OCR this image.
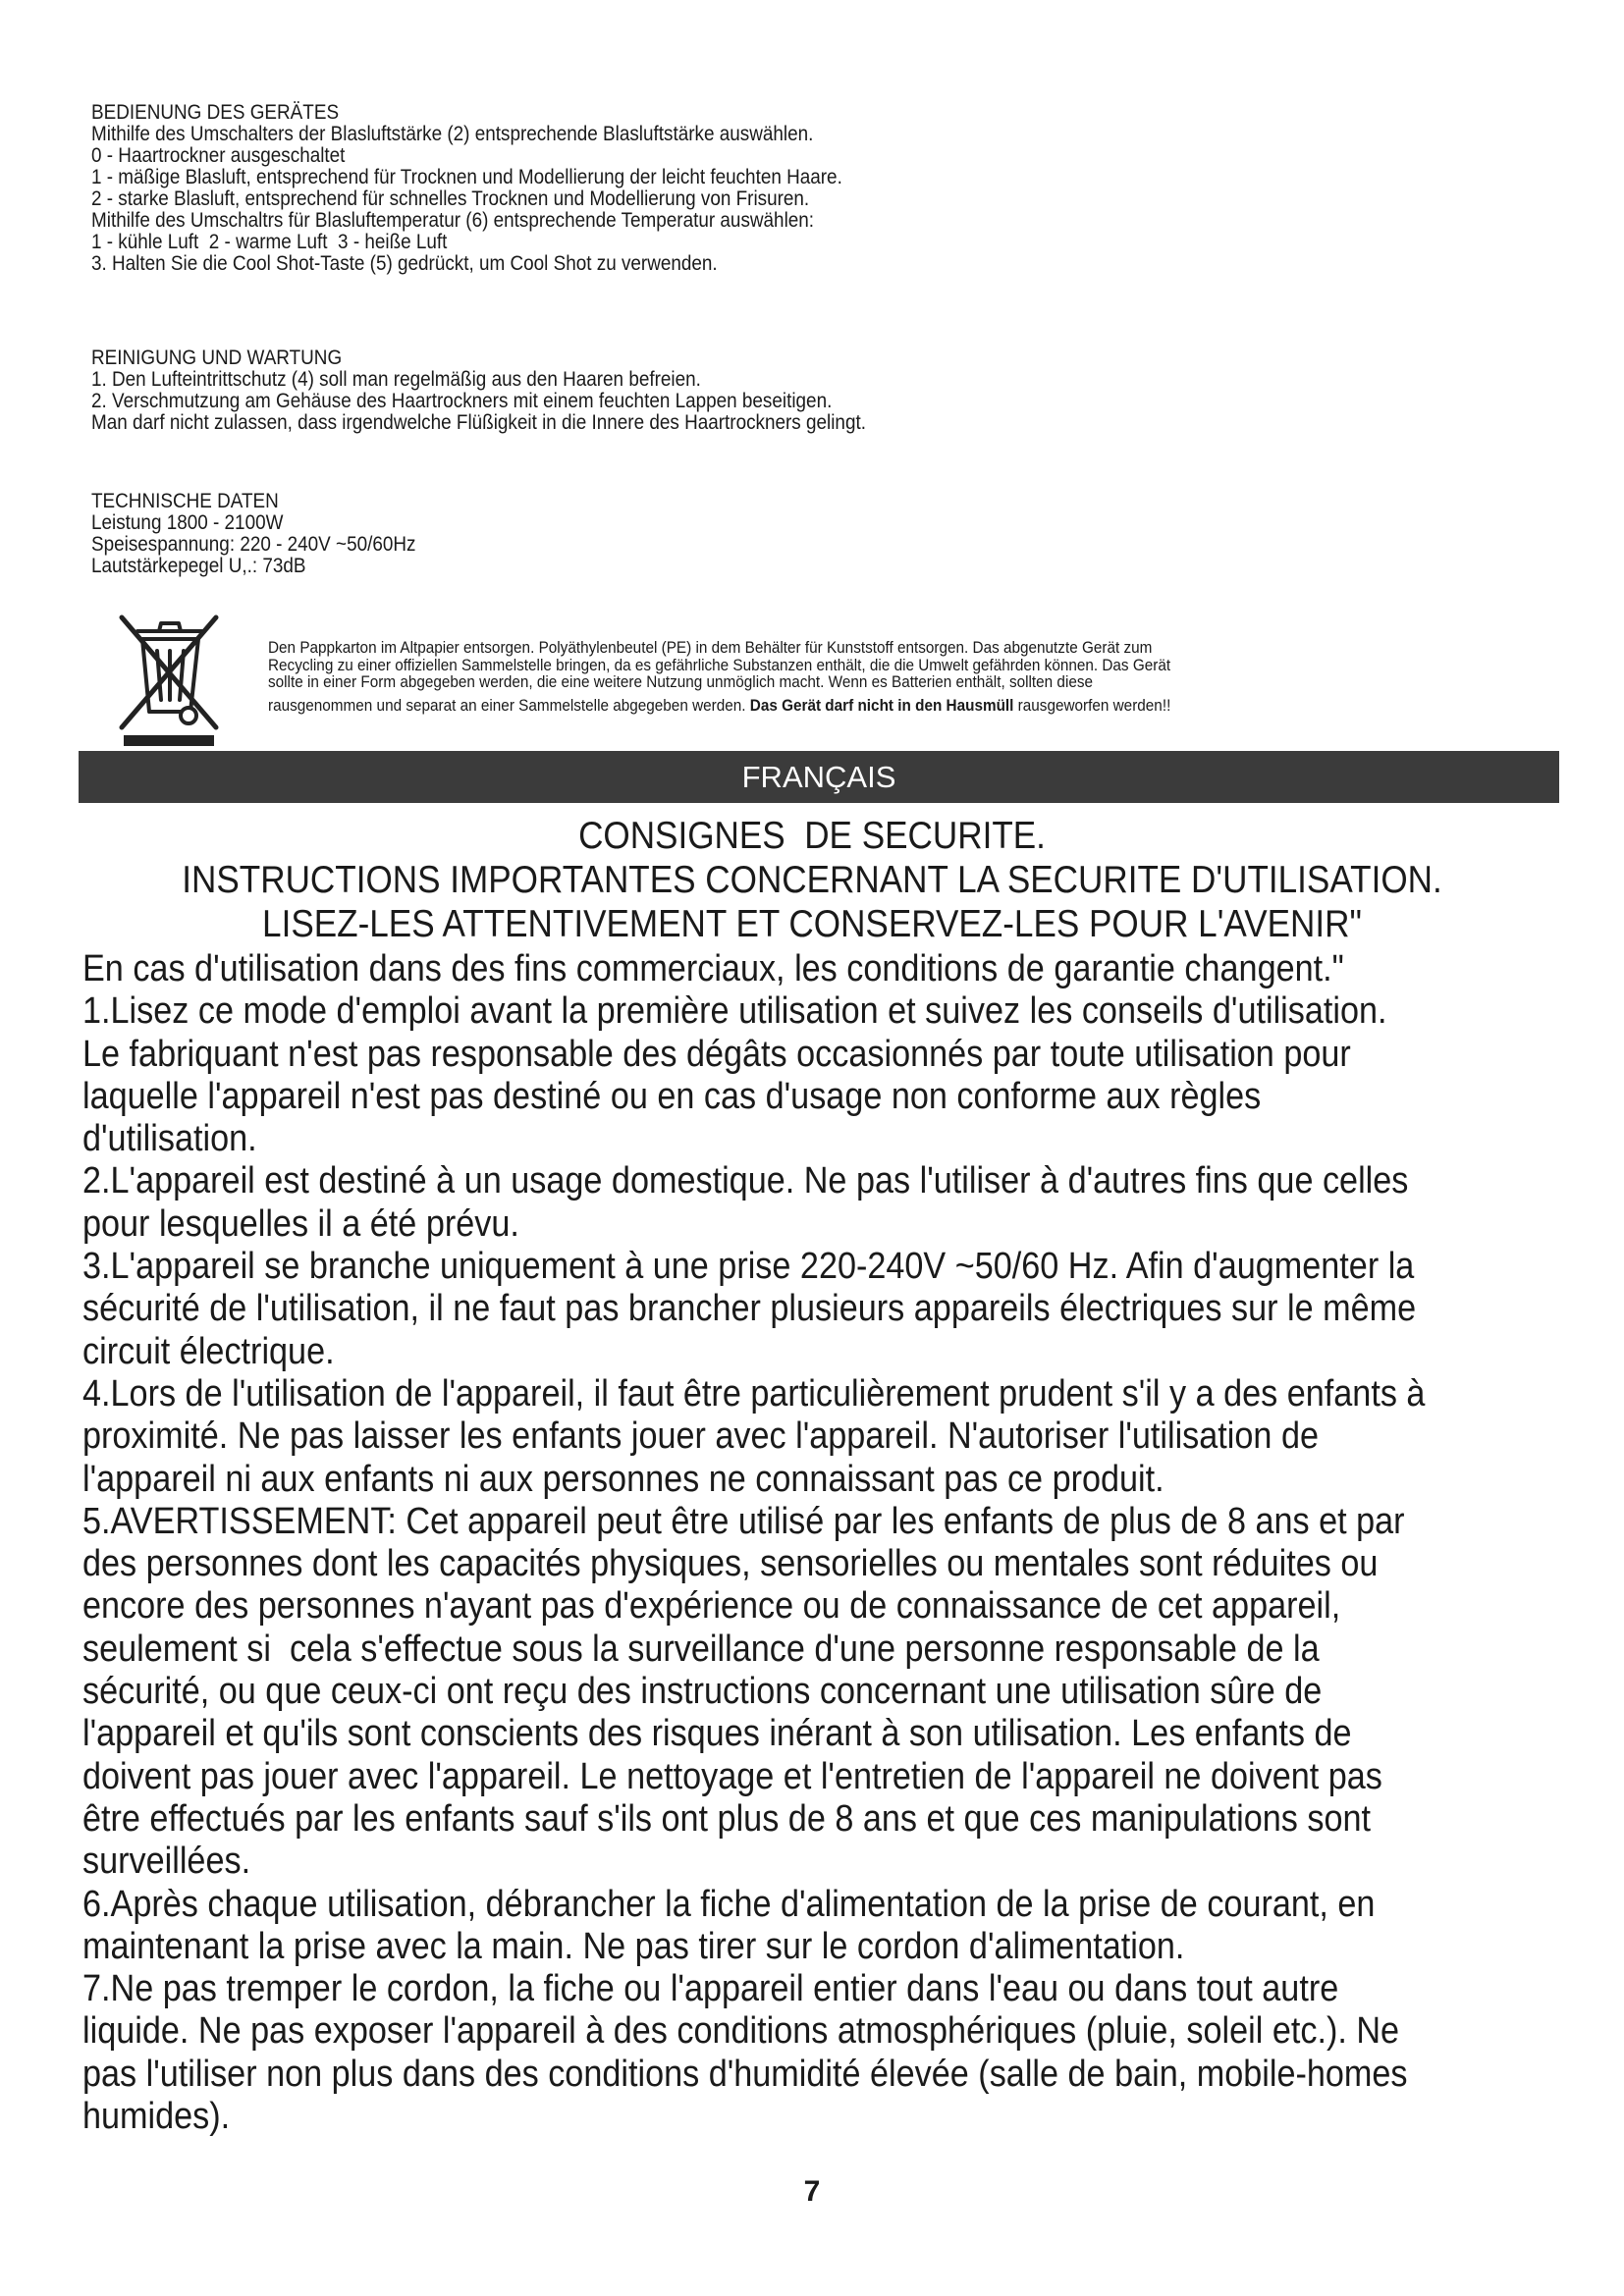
BEDIENUNG DES GERÄTES
Mithilfe des Umschalters der Blasluftstärke (2) entsprechende Blasluftstärke auswählen.
0 - Haartrockner ausgeschaltet
1 - mäßige Blasluft, entsprechend für Trocknen und Modellierung der leicht feuchten Haare.
2 - starke Blasluft, entsprechend für schnelles Trocknen und Modellierung von Frisuren.
Mithilfe des Umschaltrs für Blasluftemperatur (6) entsprechende Temperatur auswählen:
1 - kühle Luft  2 - warme Luft  3 - heiße Luft
3. Halten Sie die Cool Shot-Taste (5) gedrückt, um Cool Shot zu verwenden.
REINIGUNG UND WARTUNG
1. Den Lufteintrittschutz (4) soll man regelmäßig aus den Haaren befreien.
2. Verschmutzung am Gehäuse des Haartrockners mit einem feuchten Lappen beseitigen.
Man darf nicht zulassen, dass irgendwelche Flüßigkeit in die Innere des Haartrockners gelingt.
TECHNISCHE DATEN
Leistung 1800 - 2100W
Speisespannung: 220 - 240V ~50/60Hz
Lautstärkepegel U,.: 73dB
Den Pappkarton im Altpapier entsorgen. Polyäthylenbeutel (PE) in dem Behälter für Kunststoff entsorgen. Das abgenutzte Gerät zum
Recycling zu einer offiziellen Sammelstelle bringen, da es gefährliche Substanzen enthält, die die Umwelt gefährden können. Das Gerät
sollte in einer Form abgegeben werden, die eine weitere Nutzung unmöglich macht. Wenn es Batterien enthält, sollten diese
rausgenommen und separat an einer Sammelstelle abgegeben werden. Das Gerät darf nicht in den Hausmüll rausgeworfen werden!!
FRANÇAIS
CONSIGNES  DE SECURITE.
INSTRUCTIONS IMPORTANTES CONCERNANT LA SECURITE D'UTILISATION.
LISEZ-LES ATTENTIVEMENT ET CONSERVEZ-LES POUR L'AVENIR"
En cas d'utilisation dans des fins commerciaux, les conditions de garantie changent."
1.Lisez ce mode d'emploi avant la première utilisation et suivez les conseils d'utilisation.
Le fabriquant n'est pas responsable des dégâts occasionnés par toute utilisation pour
laquelle l'appareil n'est pas destiné ou en cas d'usage non conforme aux règles
d'utilisation.
2.L'appareil est destiné à un usage domestique. Ne pas l'utiliser à d'autres fins que celles
pour lesquelles il a été prévu.
3.L'appareil se branche uniquement à une prise 220-240V ~50/60 Hz. Afin d'augmenter la
sécurité de l'utilisation, il ne faut pas brancher plusieurs appareils électriques sur le même
circuit électrique.
4.Lors de l'utilisation de l'appareil, il faut être particulièrement prudent s'il y a des enfants à
proximité. Ne pas laisser les enfants jouer avec l'appareil. N'autoriser l'utilisation de
l'appareil ni aux enfants ni aux personnes ne connaissant pas ce produit.
5.AVERTISSEMENT: Cet appareil peut être utilisé par les enfants de plus de 8 ans et par
des personnes dont les capacités physiques, sensorielles ou mentales sont réduites ou
encore des personnes n'ayant pas d'expérience ou de connaissance de cet appareil,
seulement si  cela s'effectue sous la surveillance d'une personne responsable de la
sécurité, ou que ceux-ci ont reçu des instructions concernant une utilisation sûre de
l'appareil et qu'ils sont conscients des risques inérant à son utilisation. Les enfants de
doivent pas jouer avec l'appareil. Le nettoyage et l'entretien de l'appareil ne doivent pas
être effectués par les enfants sauf s'ils ont plus de 8 ans et que ces manipulations sont
surveillées.
6.Après chaque utilisation, débrancher la fiche d'alimentation de la prise de courant, en
maintenant la prise avec la main. Ne pas tirer sur le cordon d'alimentation.
7.Ne pas tremper le cordon, la fiche ou l'appareil entier dans l'eau ou dans tout autre
liquide. Ne pas exposer l'appareil à des conditions atmosphériques (pluie, soleil etc.). Ne
pas l'utiliser non plus dans des conditions d'humidité élevée (salle de bain, mobile-homes
humides).
7
